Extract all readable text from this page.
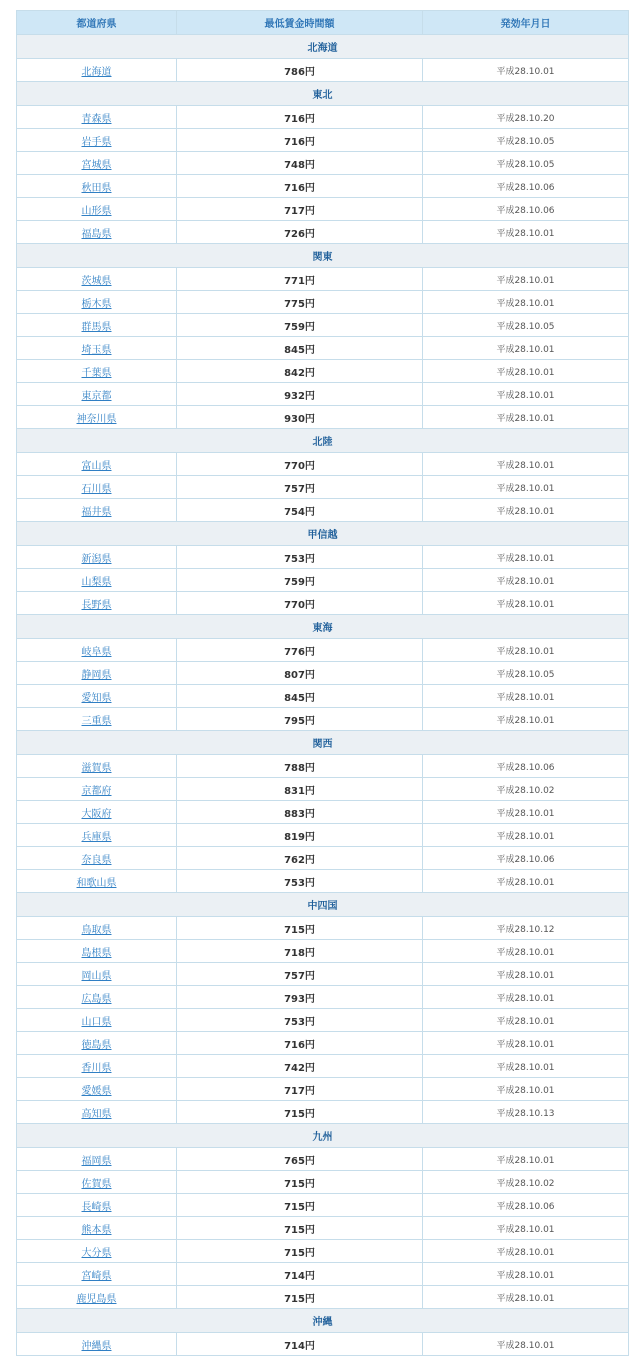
都道府県	最低賃金時間額	発効年月日
北海道		
北海道	786円	平成28.10.01
東北		
青森県	716円	平成28.10.20
岩手県	716円	平成28.10.05
宮城県	748円	平成28.10.05
秋田県	716円	平成28.10.06
山形県	717円	平成28.10.06
福島県	726円	平成28.10.01
関東		
茨城県	771円	平成28.10.01
栃木県	775円	平成28.10.01
群馬県	759円	平成28.10.05
埼玉県	845円	平成28.10.01
千葉県	842円	平成28.10.01
東京都	932円	平成28.10.01
神奈川県	930円	平成28.10.01
北陸		
富山県	770円	平成28.10.01
石川県	757円	平成28.10.01
福井県	754円	平成28.10.01
甲信越		
新潟県	753円	平成28.10.01
山梨県	759円	平成28.10.01
長野県	770円	平成28.10.01
東海		
岐阜県	776円	平成28.10.01
静岡県	807円	平成28.10.05
愛知県	845円	平成28.10.01
三重県	795円	平成28.10.01
関西		
滋賀県	788円	平成28.10.06
京都府	831円	平成28.10.02
大阪府	883円	平成28.10.01
兵庫県	819円	平成28.10.01
奈良県	762円	平成28.10.06
和歌山県	753円	平成28.10.01
中四国		
鳥取県	715円	平成28.10.12
島根県	718円	平成28.10.01
岡山県	757円	平成28.10.01
広島県	793円	平成28.10.01
山口県	753円	平成28.10.01
徳島県	716円	平成28.10.01
香川県	742円	平成28.10.01
愛媛県	717円	平成28.10.01
高知県	715円	平成28.10.13
九州		
福岡県	765円	平成28.10.01
佐賀県	715円	平成28.10.02
長崎県	715円	平成28.10.06
熊本県	715円	平成28.10.01
大分県	715円	平成28.10.01
宮崎県	714円	平成28.10.01
鹿児島県	715円	平成28.10.01
沖縄		
沖縄県	714円	平成28.10.01
